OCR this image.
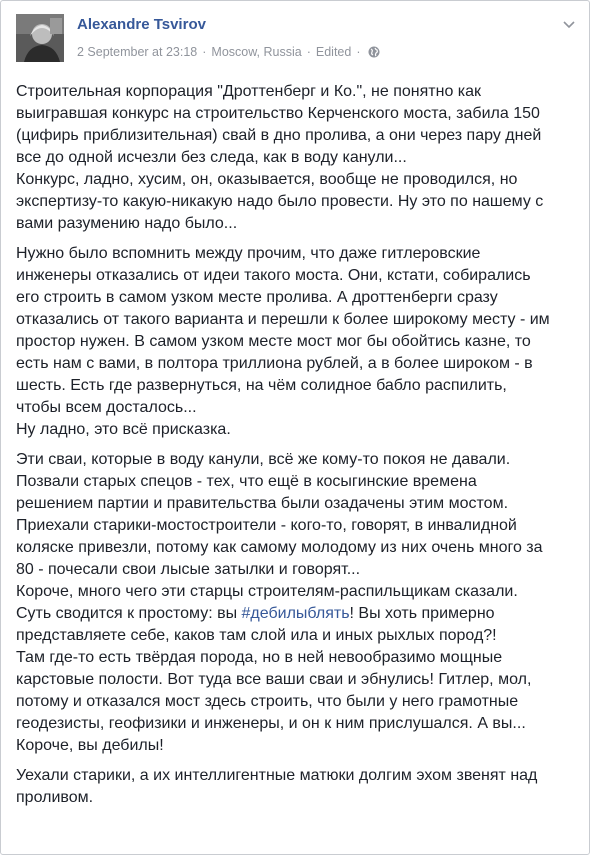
Alexandre Tsvirov
2 September at 23:18 · Moscow, Russia · Edited ·

Строительная корпорация "Дроттенберг и Ко.", не понятно как
выигравшая конкурс на строительство Керченского моста, забила 150
(цифирь приблизительная) свай в дно пролива, а они через пару дней
все до одной исчезли без следа, как в воду канули...
Конкурс, ладно, хусим, он, оказывается, вообще не проводился, но
экспертизу-то какую-никакую надо было провести. Ну это по нашему с
вами разумению надо было...

Нужно было вспомнить между прочим, что даже гитлеровские
инженеры отказались от идеи такого моста. Они, кстати, собирались
его строить в самом узком месте пролива. А дроттенберги сразу
отказались от такого варианта и перешли к более широкому месту - им
простор нужен. В самом узком месте мост мог бы обойтись казне, то
есть нам с вами, в полтора триллиона рублей, а в более широком - в
шесть. Есть где развернуться, на чём солидное бабло распилить,
чтобы всем досталось...
Ну ладно, это всё присказка.

Эти сваи, которые в воду канули, всё же кому-то покоя не давали.
Позвали старых спецов - тех, что ещё в косыгинские времена
решением партии и правительства были озадачены этим мостом.
Приехали старики-мостостроители - кого-то, говорят, в инвалидной
коляске привезли, потому как самому молодому из них очень много за
80 - почесали свои лысые затылки и говорят...
Короче, много чего эти старцы строителям-распильщикам сказали.
Суть сводится к простому: вы #дебилыблять! Вы хоть примерно
представляете себе, каков там слой ила и иных рыхлых пород?!
Там где-то есть твёрдая порода, но в ней невообразимо мощные
карстовые полости. Вот туда все ваши сваи и эбнулись! Гитлер, мол,
потому и отказался мост здесь строить, что были у него грамотные
геодезисты, геофизики и инженеры, и он к ним прислушался. А вы...
Короче, вы дебилы!

Уехали старики, а их интеллигентные матюки долгим эхом звенят над
проливом.
